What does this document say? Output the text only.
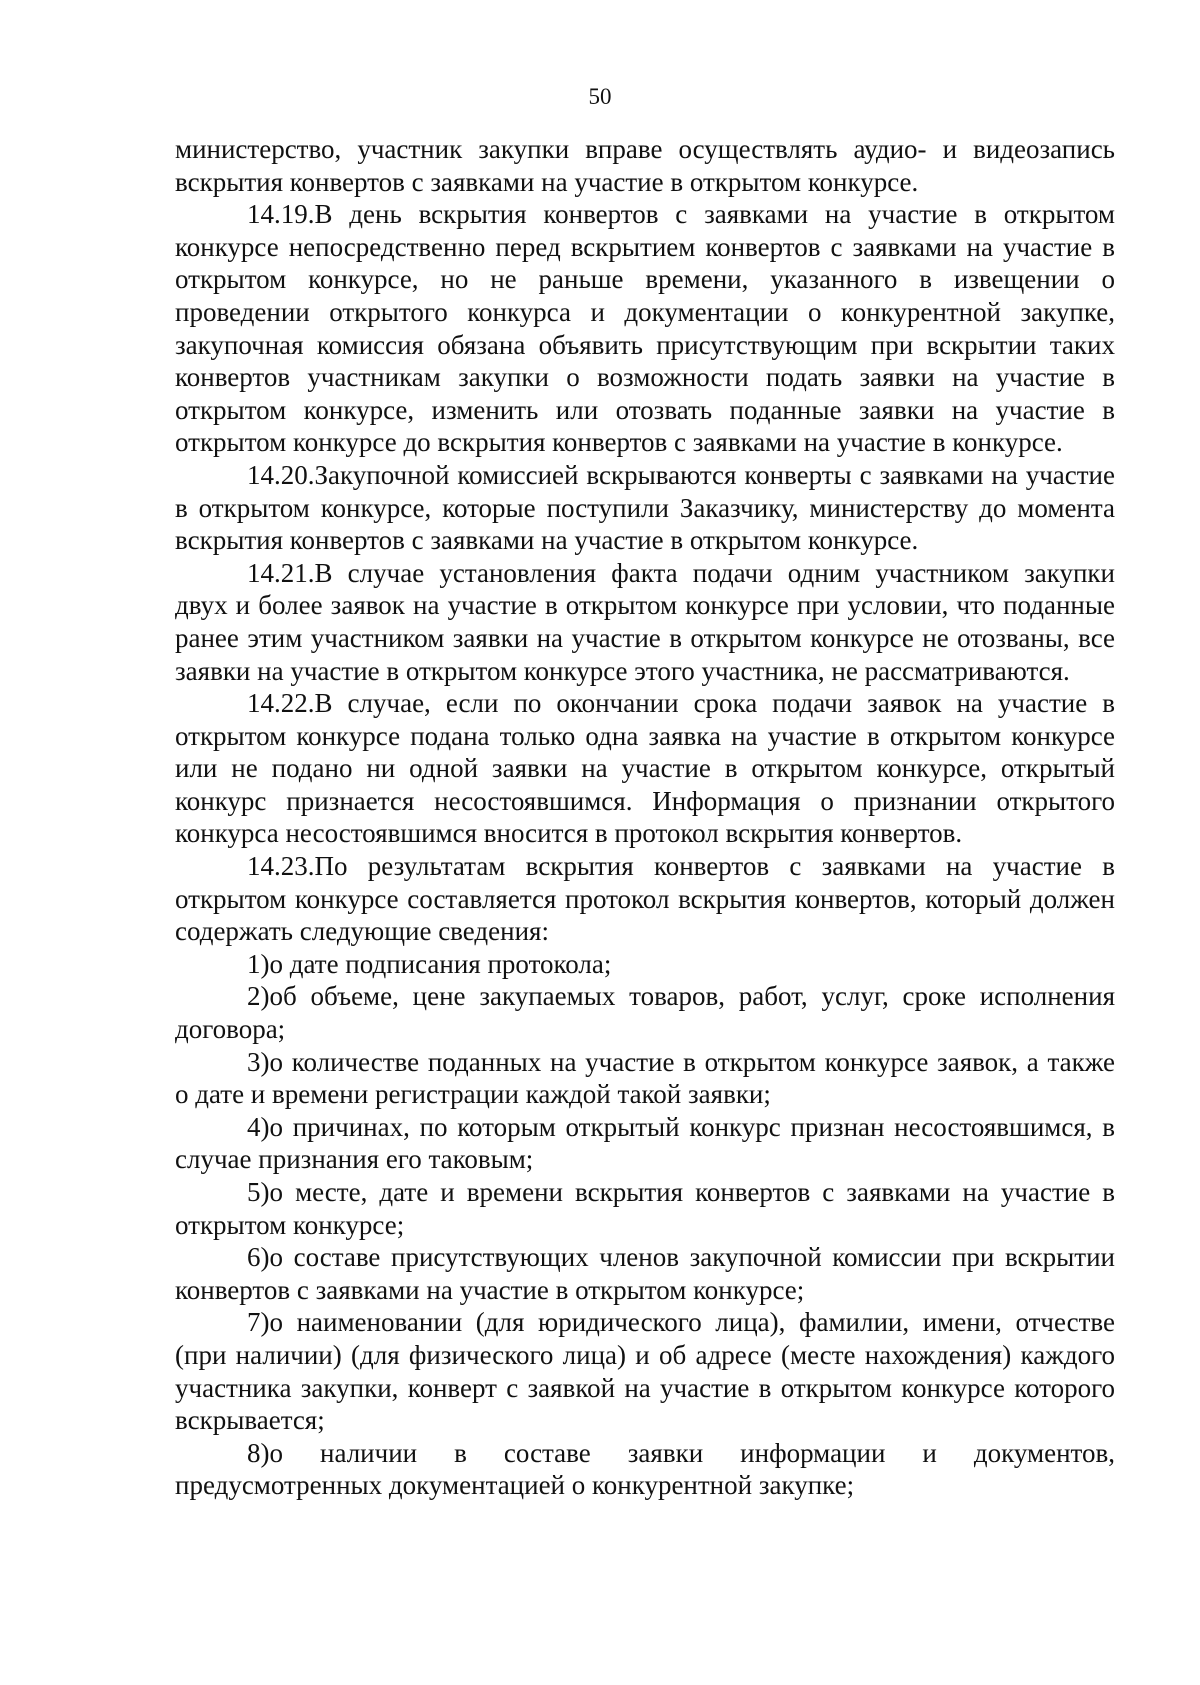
50

министерство, участник закупки вправе осуществлять аудио- и видеозапись вскрытия конвертов с заявками на участие в открытом конкурсе.

14.19.В день вскрытия конвертов с заявками на участие в открытом конкурсе непосредственно перед вскрытием конвертов с заявками на участие в открытом конкурсе, но не раньше времени, указанного в извещении о проведении открытого конкурса и документации о конкурентной закупке, закупочная комиссия обязана объявить присутствующим при вскрытии таких конвертов участникам закупки о возможности подать заявки на участие в открытом конкурсе, изменить или отозвать поданные заявки на участие в открытом конкурсе до вскрытия конвертов с заявками на участие в конкурсе.

14.20.Закупочной комиссией вскрываются конверты с заявками на участие в открытом конкурсе, которые поступили Заказчику, министерству до момента вскрытия конвертов с заявками на участие в открытом конкурсе.

14.21.В случае установления факта подачи одним участником закупки двух и более заявок на участие в открытом конкурсе при условии, что поданные ранее этим участником заявки на участие в открытом конкурсе не отозваны, все заявки на участие в открытом конкурсе этого участника, не рассматриваются.

14.22.В случае, если по окончании срока подачи заявок на участие в открытом конкурсе подана только одна заявка на участие в открытом конкурсе или не подано ни одной заявки на участие в открытом конкурсе, открытый конкурс признается несостоявшимся. Информация о признании открытого конкурса несостоявшимся вносится в протокол вскрытия конвертов.

14.23.По результатам вскрытия конвертов с заявками на участие в открытом конкурсе составляется протокол вскрытия конвертов, который должен содержать следующие сведения:

1)о дате подписания протокола;

2)об объеме, цене закупаемых товаров, работ, услуг, сроке исполнения договора;

3)о количестве поданных на участие в открытом конкурсе заявок, а также о дате и времени регистрации каждой такой заявки;

4)о причинах, по которым открытый конкурс признан несостоявшимся, в случае признания его таковым;

5)о месте, дате и времени вскрытия конвертов с заявками на участие в открытом конкурсе;

6)о составе присутствующих членов закупочной комиссии при вскрытии конвертов с заявками на участие в открытом конкурсе;

7)о наименовании (для юридического лица), фамилии, имени, отчестве (при наличии) (для физического лица) и об адресе (месте нахождения) каждого участника закупки, конверт с заявкой на участие в открытом конкурсе которого вскрывается;

8)о наличии в составе заявки информации и документов, предусмотренных документацией о конкурентной закупке;
